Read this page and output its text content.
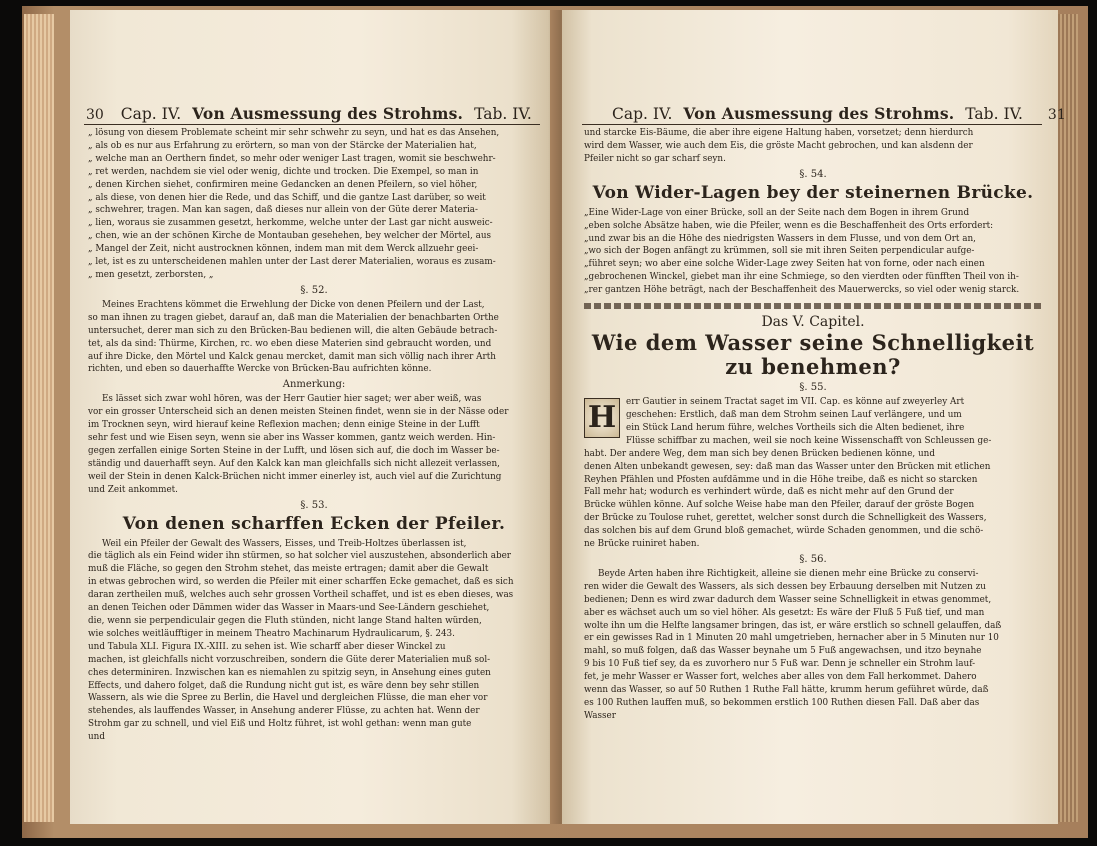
30 Cap. IV. Von Ausmessung des Strohms. Tab. IV.

„ lösung von diesem Problemate scheint mir sehr schwehr zu seyn, und hat es das Ansehen,

„ als ob es nur aus Erfahrung zu erörtern, so man von der Stärcke der Materialien hat,

„ welche man an Oerthern findet, so mehr oder weniger Last tragen, womit sie beschwehr-

„ ret werden, nachdem sie viel oder wenig, dichte und trocken. Die Exempel, so man in

„ denen Kirchen siehet, confirmiren meine Gedancken an denen Pfeilern, so viel höher,

„ als diese, von denen hier die Rede, und das Schiff, und die gantze Last darüber, so weit

„ schwehrer, tragen. Man kan sagen, daß dieses nur allein von der Güte derer Materia-

„ lien, woraus sie zusammen gesetzt, herkomme, welche unter der Last gar nicht ausweic-

„ chen, wie an der schönen Kirche de Montauban gesehehen, bey welcher der Mörtel, aus

„ Mangel der Zeit, nicht austrocknen können, indem man mit dem Werck allzuehr geei-

„ let, ist es zu unterscheidenen mahlen unter der Last derer Materialien, woraus es zusam-

„ men gesetzt, zerborsten, „

§. 52.

Meines Erachtens kömmet die Erwehlung der Dicke von denen Pfeilern und der Last,

so man ihnen zu tragen giebet, darauf an, daß man die Materialien der benachbarten Orthe

untersuchet, derer man sich zu den Brücken-Bau bedienen will, die alten Gebäude betrach-

tet, als da sind: Thürme, Kirchen, rc. wo eben diese Materien sind gebraucht worden, und

auf ihre Dicke, den Mörtel und Kalck genau mercket, damit man sich völlig nach ihrer Arth

richten, und eben so dauerhaffte Wercke von Brücken-Bau aufrichten könne.

Anmerkung:

Es lässet sich zwar wohl hören, was der Herr Gautier hier saget; wer aber weiß, was

vor ein grosser Unterscheid sich an denen meisten Steinen findet, wenn sie in der Nässe oder

im Trocknen seyn, wird hierauf keine Reflexion machen; denn einige Steine in der Lufft

sehr fest und wie Eisen seyn, wenn sie aber ins Wasser kommen, gantz weich werden. Hin-

gegen zerfallen einige Sorten Steine in der Lufft, und lösen sich auf, die doch im Wasser be-

ständig und dauerhafft seyn. Auf den Kalck kan man gleichfalls sich nicht allezeit verlassen,

weil der Stein in denen Kalck-Brüchen nicht immer einerley ist, auch viel auf die Zurichtung

und Zeit ankommet.

§. 53.
Von denen scharffen Ecken der Pfeiler.

Weil ein Pfeiler der Gewalt des Wassers, Eisses, und Treib-Holtzes überlassen ist,

die täglich als ein Feind wider ihn stürmen, so hat solcher viel auszustehen, absonderlich aber

muß die Fläche, so gegen den Strohm stehet, das meiste ertragen; damit aber die Gewalt

in etwas gebrochen wird, so werden die Pfeiler mit einer scharffen Ecke gemachet, daß es sich

daran zertheilen muß, welches auch sehr grossen Vortheil schaffet, und ist es eben dieses, was

an denen Teichen oder Dämmen wider das Wasser in Maars-und See-Ländern geschiehet,

die, wenn sie perpendiculair gegen die Fluth stünden, nicht lange Stand halten würden,

wie solches weitläufftiger in meinem Theatro Machinarum Hydraulicarum, §. 243.

und Tabula XLI. Figura IX.-XIII. zu sehen ist. Wie scharff aber dieser Winckel zu

machen, ist gleichfalls nicht vorzuschreiben, sondern die Güte derer Materialien muß sol-

ches determiniren. Inzwischen kan es niemahlen zu spitzig seyn, in Ansehung eines guten

Effects, und dahero folget, daß die Rundung nicht gut ist, es wäre denn bey sehr stillen

Wassern, als wie die Spree zu Berlin, die Havel und dergleichen Flüsse, die man eher vor

stehendes, als lauffendes Wasser, in Ansehung anderer Flüsse, zu achten hat. Wenn der

Strohm gar zu schnell, und viel Eiß und Holtz führet, ist wohl gethan: wenn man gute

und

Cap. IV. Von Ausmessung des Strohms. Tab. IV. 31

und starcke Eis-Bäume, die aber ihre eigene Haltung haben, vorsetzet; denn hierdurch

wird dem Wasser, wie auch dem Eis, die gröste Macht gebrochen, und kan alsdenn der

Pfeiler nicht so gar scharf seyn.

§. 54.
Von Wider-Lagen bey der steinernen Brücke.

„Eine Wider-Lage von einer Brücke, soll an der Seite nach dem Bogen in ihrem Grund

„eben solche Absätze haben, wie die Pfeiler, wenn es die Beschaffenheit des Orts erfordert:

„und zwar bis an die Höhe des niedrigsten Wassers in dem Flusse, und von dem Ort an,

„wo sich der Bogen anfängt zu krümmen, soll sie mit ihren Seiten perpendicular aufge-

„führet seyn; wo aber eine solche Wider-Lage zwey Seiten hat von forne, oder nach einen

„gebrochenen Winckel, giebet man ihr eine Schmiege, so den vierdten oder fünfften Theil von ih-

„rer gantzen Höhe beträgt, nach der Beschaffenheit des Mauerwercks, so viel oder wenig starck.

Das V. Capitel.
Wie dem Wasser seine Schnelligkeit
zu benehmen?
§. 55.
H	err Gautier in seinem Tractat saget im VII. Cap. es könne auf zweyerley Art

geschehen: Erstlich, daß man dem Strohm seinen Lauf verlängere, und um

ein Stück Land herum führe, welches Vortheils sich die Alten bedienet, ihre

Flüsse schiffbar zu machen, weil sie noch keine Wissenschafft von Schleussen ge-

habt. Der andere Weg, dem man sich bey denen Brücken bedienen könne, und

denen Alten unbekandt gewesen, sey: daß man das Wasser unter den Brücken mit etlichen

Reyhen Pfählen und Pfosten aufdämme und in die Höhe treibe, daß es nicht so starcken

Fall mehr hat; wodurch es verhindert würde, daß es nicht mehr auf den Grund der

Brücke wühlen könne. Auf solche Weise habe man den Pfeiler, darauf der gröste Bogen

der Brücke zu Toulose ruhet, gerettet, welcher sonst durch die Schnelligkeit des Wassers,

das solchen bis auf dem Grund bloß gemachet, würde Schaden genommen, und die schö-

ne Brücke ruiniret haben.

§. 56.

Beyde Arten haben ihre Richtigkeit, alleine sie dienen mehr eine Brücke zu conservi-

ren wider die Gewalt des Wassers, als sich dessen bey Erbauung derselben mit Nutzen zu

bedienen; Denn es wird zwar dadurch dem Wasser seine Schnelligkeit in etwas genommet,

aber es wächset auch um so viel höher. Als gesetzt: Es wäre der Fluß 5 Fuß tief, und man

wolte ihn um die Helfte langsamer bringen, das ist, er wäre erstlich so schnell gelauffen, daß

er ein gewisses Rad in 1 Minuten 20 mahl umgetrieben, hernacher aber in 5 Minuten nur 10

mahl, so muß folgen, daß das Wasser beynahe um 5 Fuß angewachsen, und itzo beynahe

9 bis 10 Fuß tief sey, da es zuvorhero nur 5 Fuß war. Denn je schneller ein Strohm lauf-

fet, je mehr Wasser er Wasser fort, welches aber alles von dem Fall herkommet. Dahero

wenn das Wasser, so auf 50 Ruthen 1 Ruthe Fall hätte, krumm herum geführet würde, daß

es 100 Ruthen lauffen muß, so bekommen erstlich 100 Ruthen diesen Fall. Daß aber das

Wasser
